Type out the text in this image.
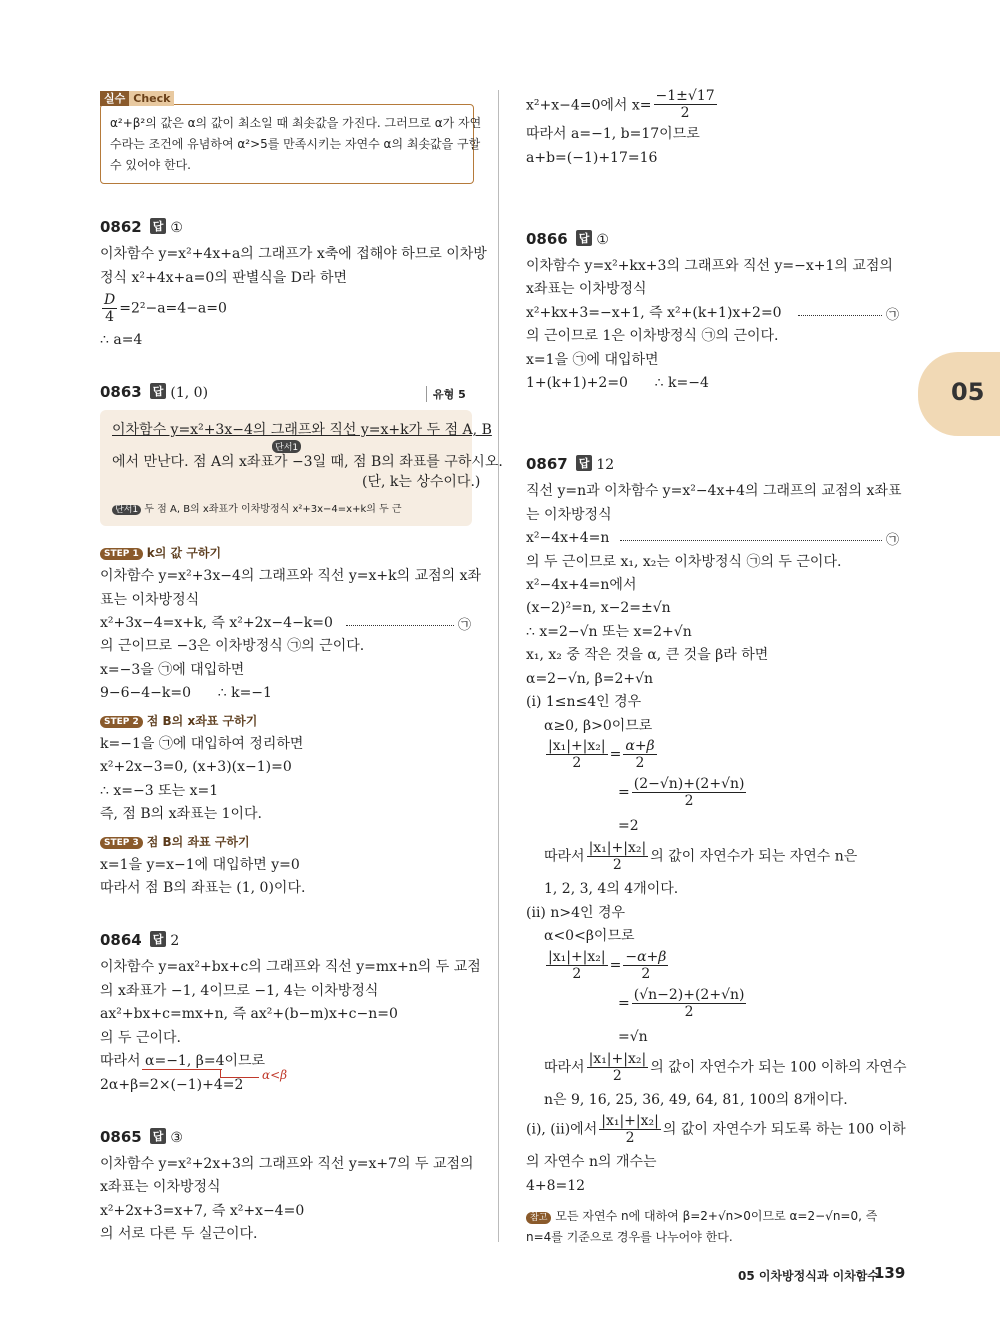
05
실수 Check
α²+β²의 값은 α의 값이 최소일 때 최솟값을 가진다. 그러므로 α가 자연
수라는 조건에 유념하여 α²>5를 만족시키는 자연수 α의 최솟값을 구할
수 있어야 한다.
0862 답 ①
이차함수 y=x²+4x+a의 그래프가 x축에 접해야 하므로 이차방
정식 x²+4x+a=0의 판별식을 D라 하면
$\frac{D}{4} =2^2-a=4-a=0$
∴ a=4
0863 답 (1, 0)	유형 5
이차함수 y=x²+3x−4의 그래프와 직선 y=x+k가 두 점 A, B
단서1
에서 만난다. 점 A의 x좌표가 −3일 때, 점 B의 좌표를 구하시오.
(단, k는 상수이다.)
단서1 두 점 A, B의 x좌표가 이차방정식 x²+3x−4=x+k의 두 근
STEP 1 k의 값 구하기
이차함수 y=x²+3x−4의 그래프와 직선 y=x+k의 교점의 x좌
표는 이차방정식
x²+3x−4=x+k, 즉 x²+2x−4−k=0	㉠
의 근이므로 −3은 이차방정식 ㉠의 근이다.
x=−3을 ㉠에 대입하면
9−6−4−k=0      ∴ k=−1
STEP 2 점 B의 x좌표 구하기
k=−1을 ㉠에 대입하여 정리하면
x²+2x−3=0, (x+3)(x−1)=0
∴ x=−3 또는 x=1
즉, 점 B의 x좌표는 1이다.
STEP 3 점 B의 좌표 구하기
x=1을 y=x−1에 대입하면 y=0
따라서 점 B의 좌표는 (1, 0)이다.
0864 답 2
이차함수 y=ax²+bx+c의 그래프와 직선 y=mx+n의 두 교점
의 x좌표가 −1, 4이므로 −1, 4는 이차방정식
ax²+bx+c=mx+n, 즉 ax²+(b−m)x+c−n=0
의 두 근이다.
따라서 α=−1, β=4이므로
α<β
2α+β=2×(−1)+4=2
0865 답 ③
이차함수 y=x²+2x+3의 그래프와 직선 y=x+7의 두 교점의
x좌표는 이차방정식
x²+2x+3=x+7, 즉 x²+x−4=0
의 서로 다른 두 실근이다.
x²+x−4=0에서 $x= \frac{-1\pm√17}{2}$
따라서 a=−1, b=17이므로
a+b=(−1)+17=16
0866 답 ①
이차함수 y=x²+kx+3의 그래프와 직선 y=−x+1의 교점의
x좌표는 이차방정식
x²+kx+3=−x+1, 즉 x²+(k+1)x+2=0	㉠
의 근이므로 1은 이차방정식 ㉠의 근이다.
x=1을 ㉠에 대입하면
1+(k+1)+2=0      ∴ k=−4
0867 답 12
직선 y=n과 이차함수 y=x²−4x+4의 그래프의 교점의 x좌표
는 이차방정식
x²−4x+4=n	㉠
의 두 근이므로 x₁, x₂는 이차방정식 ㉠의 두 근이다.
x²−4x+4=n에서
(x−2)²=n, x−2=±√n
∴ x=2−√n 또는 x=2+√n
x₁, x₂ 중 작은 것을 α, 큰 것을 β라 하면
α=2−√n, β=2+√n
(ⅰ) 1≤n≤4인 경우
α≥0, β>0이므로
$\frac{\text{|x₁|+|x₂|}}{2} = \frac{\alpha+\beta}{2}$
= $\frac{(2-√n)+(2+√n)}{2}$
=2
따라서 $\frac{\text{|x₁|+|x₂|}}{2}$ 의 값이 자연수가 되는 자연수 n은
1, 2, 3, 4의 4개이다.
(ⅱ) n>4인 경우
α<0<β이므로
$\frac{\text{|x₁|+|x₂|}}{2} = \frac{-\alpha+\beta}{2}$
= $\frac{(√n-2)+(2+√n)}{2}$
=√n
따라서 $\frac{\text{|x₁|+|x₂|}}{2}$ 의 값이 자연수가 되는 100 이하의 자연수
n은 9, 16, 25, 36, 49, 64, 81, 100의 8개이다.
(ⅰ), (ⅱ)에서 $\frac{\text{|x₁|+|x₂|}}{2}$ 의 값이 자연수가 되도록 하는 100 이하
의 자연수 n의 개수는
4+8=12
참고 모든 자연수 n에 대하여 β=2+√n>0이므로 α=2−√n=0, 즉
n=4를 기준으로 경우를 나누어야 한다.
05 이차방정식과 이차함수
139
